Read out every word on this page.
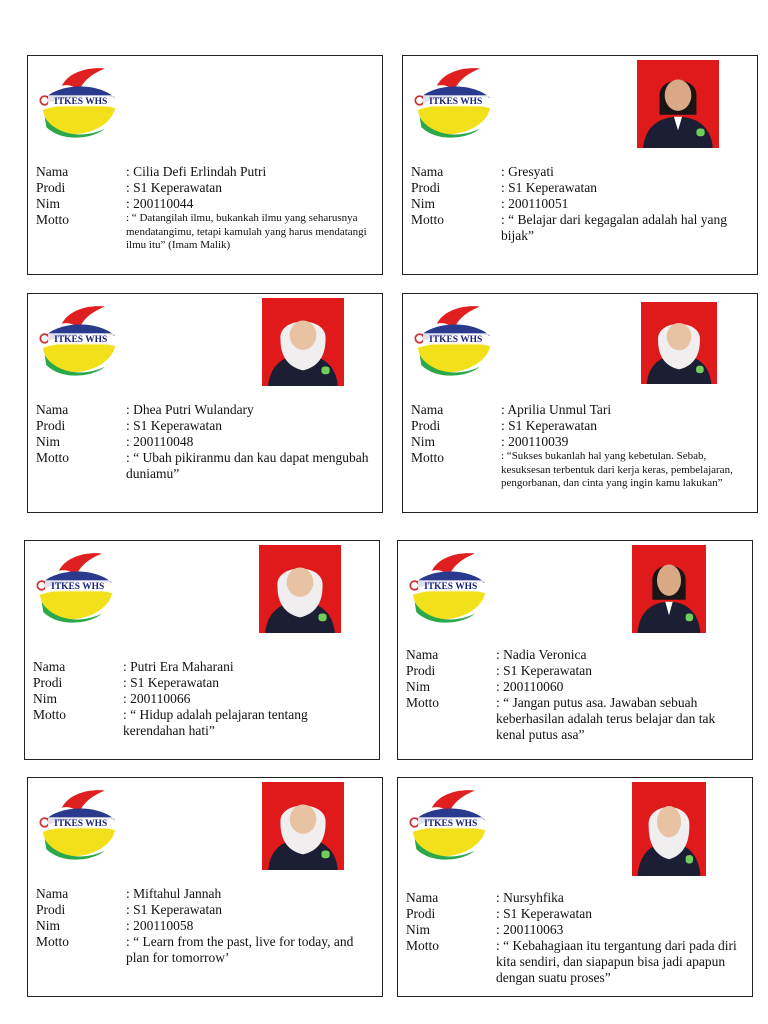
ITKES WHS
Nama	: Cilia Defi Erlindah Putri
Prodi	: S1 Keperawatan
Nim	: 200110044
Motto	: “ Datangilah ilmu, bukankah ilmu yang seharusnya mendatangimu, tetapi kamulah yang harus mendatangi ilmu itu” (Imam Malik)
ITKES WHS
Nama	: Gresyati
Prodi	: S1 Keperawatan
Nim	: 200110051
Motto	: “ Belajar dari kegagalan adalah hal yang bijak”
ITKES WHS
Nama	: Dhea Putri Wulandary
Prodi	: S1 Keperawatan
Nim	: 200110048
Motto	: “ Ubah pikiranmu dan kau dapat mengubah duniamu”
ITKES WHS
Nama	: Aprilia Unmul Tari
Prodi	: S1 Keperawatan
Nim	: 200110039
Motto	: “Sukses bukanlah hal yang kebetulan. Sebab, kesuksesan terbentuk dari kerja keras, pembelajaran, pengorbanan, dan cinta yang ingin kamu lakukan”
ITKES WHS
Nama	: Putri Era Maharani
Prodi	: S1 Keperawatan
Nim	: 200110066
Motto	: “ Hidup adalah pelajaran tentang kerendahan hati”
ITKES WHS
Nama	: Nadia Veronica
Prodi	: S1 Keperawatan
Nim	: 200110060
Motto	: “ Jangan putus asa. Jawaban sebuah keberhasilan adalah terus belajar dan tak kenal putus asa”
ITKES WHS
Nama	: Miftahul Jannah
Prodi	: S1 Keperawatan
Nim	: 200110058
Motto	: “ Learn from the past, live for today, and plan for tomorrow’
ITKES WHS
Nama	: Nursyhfika
Prodi	: S1 Keperawatan
Nim	: 200110063
Motto	: “ Kebahagiaan itu tergantung dari pada diri kita sendiri, dan siapapun bisa jadi apapun dengan suatu proses”
